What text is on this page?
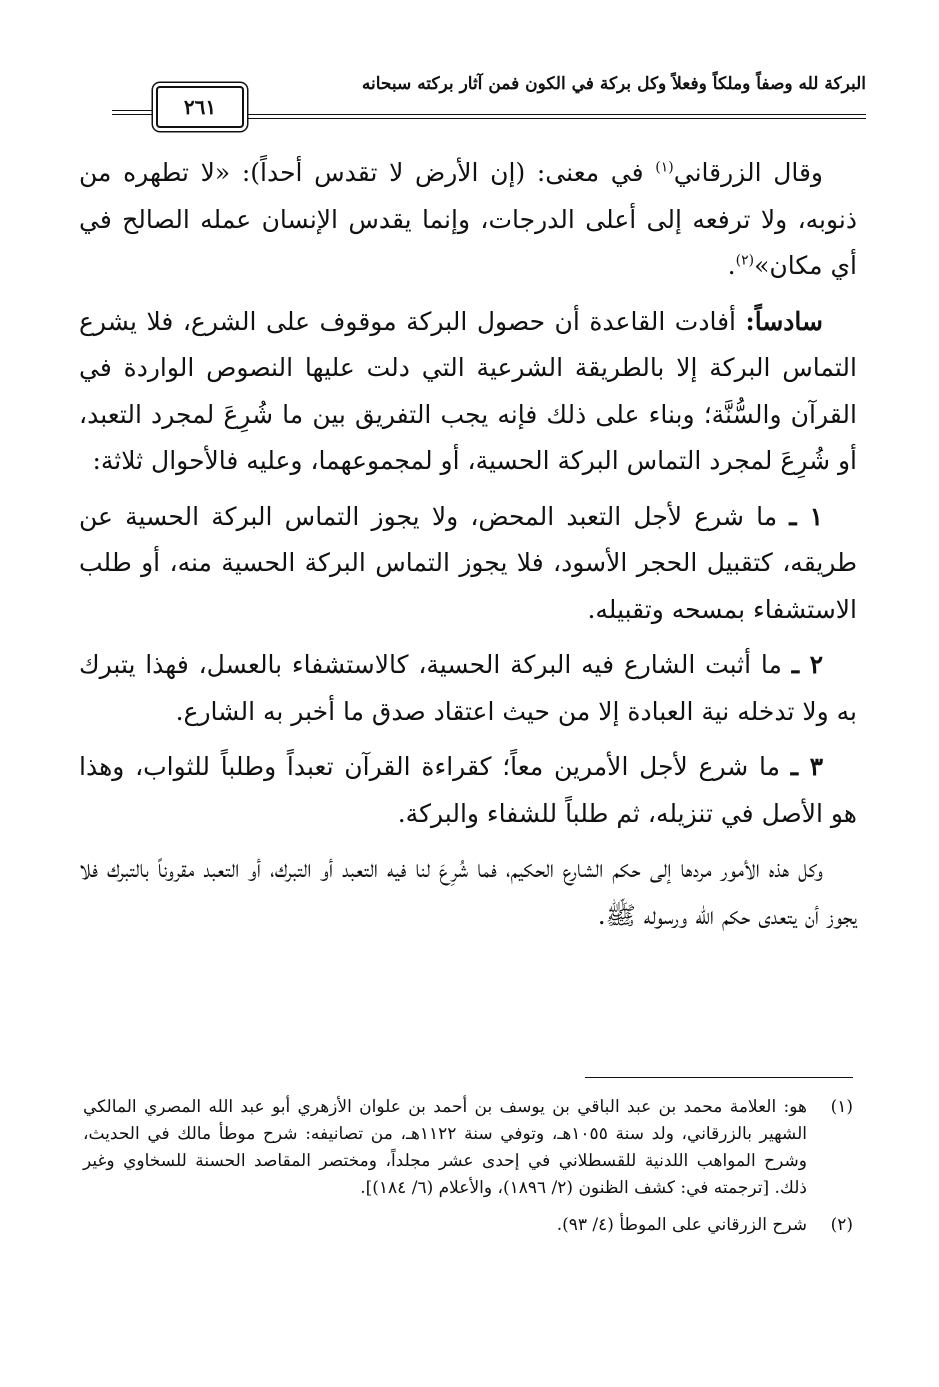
البركة لله وصفاً وملكاً وفعلاً وكل بركة في الكون فمن آثار بركته سبحانه
٢٦١

وقال الزرقاني$^{(١)}$ في معنى: (إن الأرض لا تقدس أحداً): «لا تطهره من ذنوبه، ولا ترفعه إلى أعلى الدرجات، وإنما يقدس الإنسان عمله الصالح في أي مكان»$^{(٢)}$.

سادساً: أفادت القاعدة أن حصول البركة موقوف على الشرع، فلا يشرع التماس البركة إلا بالطريقة الشرعية التي دلت عليها النصوص الواردة في القرآن والسُّنَّة؛ وبناء على ذلك فإنه يجب التفريق بين ما شُرِعَ لمجرد التعبد، أو شُرِعَ لمجرد التماس البركة الحسية، أو لمجموعهما، وعليه فالأحوال ثلاثة:

١ ـ ما شرع لأجل التعبد المحض، ولا يجوز التماس البركة الحسية عن طريقه، كتقبيل الحجر الأسود، فلا يجوز التماس البركة الحسية منه، أو طلب الاستشفاء بمسحه وتقبيله.

٢ ـ ما أثبت الشارع فيه البركة الحسية، كالاستشفاء بالعسل، فهذا يتبرك به ولا تدخله نية العبادة إلا من حيث اعتقاد صدق ما أخبر به الشارع.

٣ ـ ما شرع لأجل الأمرين معاً؛ كقراءة القرآن تعبداً وطلباً للثواب، وهذا هو الأصل في تنزيله، ثم طلباً للشفاء والبركة.

وكل هذه الأمور مردها إلى حكم الشارع الحكيم، فما شُرِعَ لنا فيه التعبد أو التبرك، أو التعبد مقروناً بالتبرك فلا يجوز أن يتعدى حكم الله ورسوله ﷺ.

(١)
هو: العلامة محمد بن عبد الباقي بن يوسف بن أحمد بن علوان الأزهري أبو عبد الله المصري المالكي الشهير بالزرقاني، ولد سنة ١٠٥٥هـ، وتوفي سنة ١١٢٢هـ، من تصانيفه: شرح موطأ مالك في الحديث، وشرح المواهب اللدنية للقسطلاني في إحدى عشر مجلداً، ومختصر المقاصد الحسنة للسخاوي وغير ذلك. [ترجمته في: كشف الظنون (٢/ ١٨٩٦)، والأعلام (٦/ ١٨٤)].
(٢)
شرح الزرقاني على الموطأ (٤/ ٩٣).
